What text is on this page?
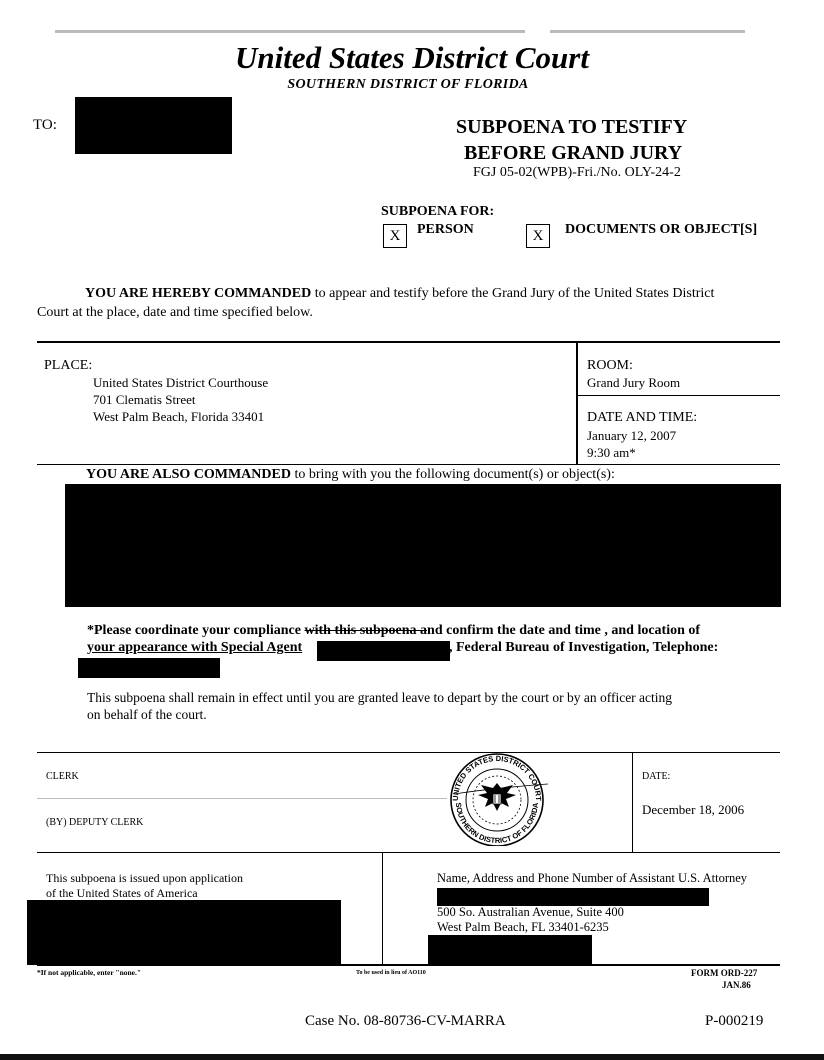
United States District Court
SOUTHERN DISTRICT OF FLORIDA
TO:	SUBPOENA TO TESTIFY
BEFORE GRAND JURY
FGJ 05-02(WPB)-Fri./No. OLY-24-2
SUBPOENA FOR:
X	PERSON	X	DOCUMENTS OR OBJECT[S]
YOU ARE HEREBY COMMANDED to appear and testify before the Grand Jury of the United States District
Court at the place, date and time specified below.
PLACE:
United States District Courthouse
701 Clematis Street
West Palm Beach, Florida 33401
ROOM:
Grand Jury Room
DATE AND TIME:
January 12, 2007
9:30 am*
YOU ARE ALSO COMMANDED to bring with you the following document(s) or object(s):
*Please coordinate your compliance with this subpoena and confirm the date and time , and location of
your appearance with Special Agent	, Federal Bureau of Investigation, Telephone:
This subpoena shall remain in effect until you are granted leave to depart by the court or by an officer acting
on behalf of the court.
CLERK
(BY) DEPUTY CLERK
DATE:
December 18, 2006
UNITED STATES DISTRICT COURT
SOUTHERN DISTRICT OF FLORIDA
This subpoena is issued upon application
of the United States of America
Name, Address and Phone Number of Assistant U.S. Attorney
500 So. Australian Avenue, Suite 400
West Palm Beach, FL 33401-6235
*If not applicable, enter "none."	To be used in lieu of AO110	FORM ORD-227
JAN.86
Case No. 08-80736-CV-MARRA	P-000219
